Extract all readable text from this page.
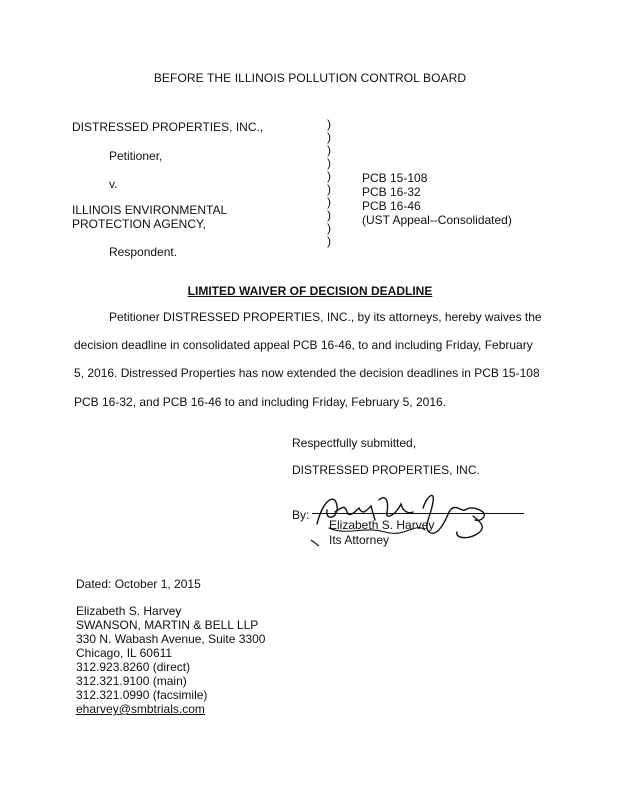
BEFORE THE ILLINOIS POLLUTION CONTROL BOARD
DISTRESSED PROPERTIES, INC.,
Petitioner,
v.
ILLINOIS ENVIRONMENTAL
PROTECTION AGENCY,
Respondent.
)
)
)
)
)
)
)
)
)
)
PCB 15-108
PCB 16-32
PCB 16-46
(UST Appeal--Consolidated)
LIMITED WAIVER OF DECISION DEADLINE
Petitioner DISTRESSED PROPERTIES, INC., by its attorneys, hereby waives the
decision deadline in consolidated appeal PCB 16-46, to and including Friday, February
5, 2016. Distressed Properties has now extended the decision deadlines in PCB 15-108
PCB 16-32, and PCB 16-46 to and including Friday, February 5, 2016.
Respectfully submitted,
DISTRESSED PROPERTIES, INC.
By:
Elizabeth S. Harvey
Its Attorney
Dated: October 1, 2015
Elizabeth S. Harvey
SWANSON, MARTIN & BELL LLP
330 N. Wabash Avenue, Suite 3300
Chicago, IL 60611
312.923.8260 (direct)
312.321.9100 (main)
312.321.0990 (facsimile)
eharvey@smbtrials.com
